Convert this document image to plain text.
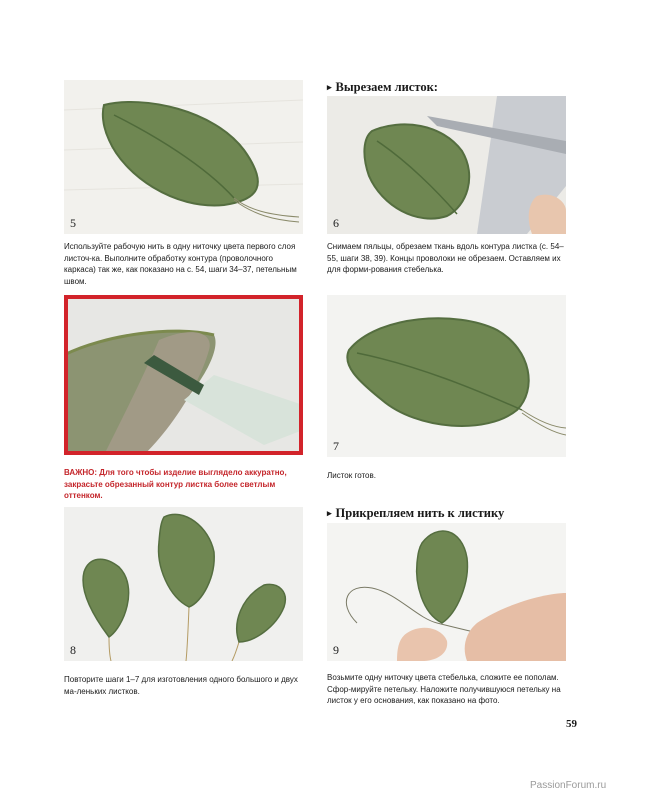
5
Используйте рабочую нить в одну ниточку цвета первого слоя листоч-ка. Выполните обработку контура (проволочного каркаса) так же, как показано на с. 54, шаги 34–37, петельным швом.
▸ Вырезаем листок:
6
Снимаем пяльцы, обрезаем ткань вдоль контура листка (с. 54–55, шаги 38, 39). Концы проволоки не обрезаем. Оставляем их для форми-рования стебелька.
ВАЖНО: Для того чтобы изделие выглядело аккуратно, закрасьте обрезанный контур листка более светлым оттенком.
7
Листок готов.
8
Повторите шаги 1–7 для изготовления одного большого и двух ма-леньких листков.
▸ Прикрепляем нить к листику
9
Возьмите одну ниточку цвета стебелька, сложите ее пополам. Сфор-мируйте петельку. Наложите получившуюся петельку на листок у его основания, как показано на фото.
59
PassionForum.ru
